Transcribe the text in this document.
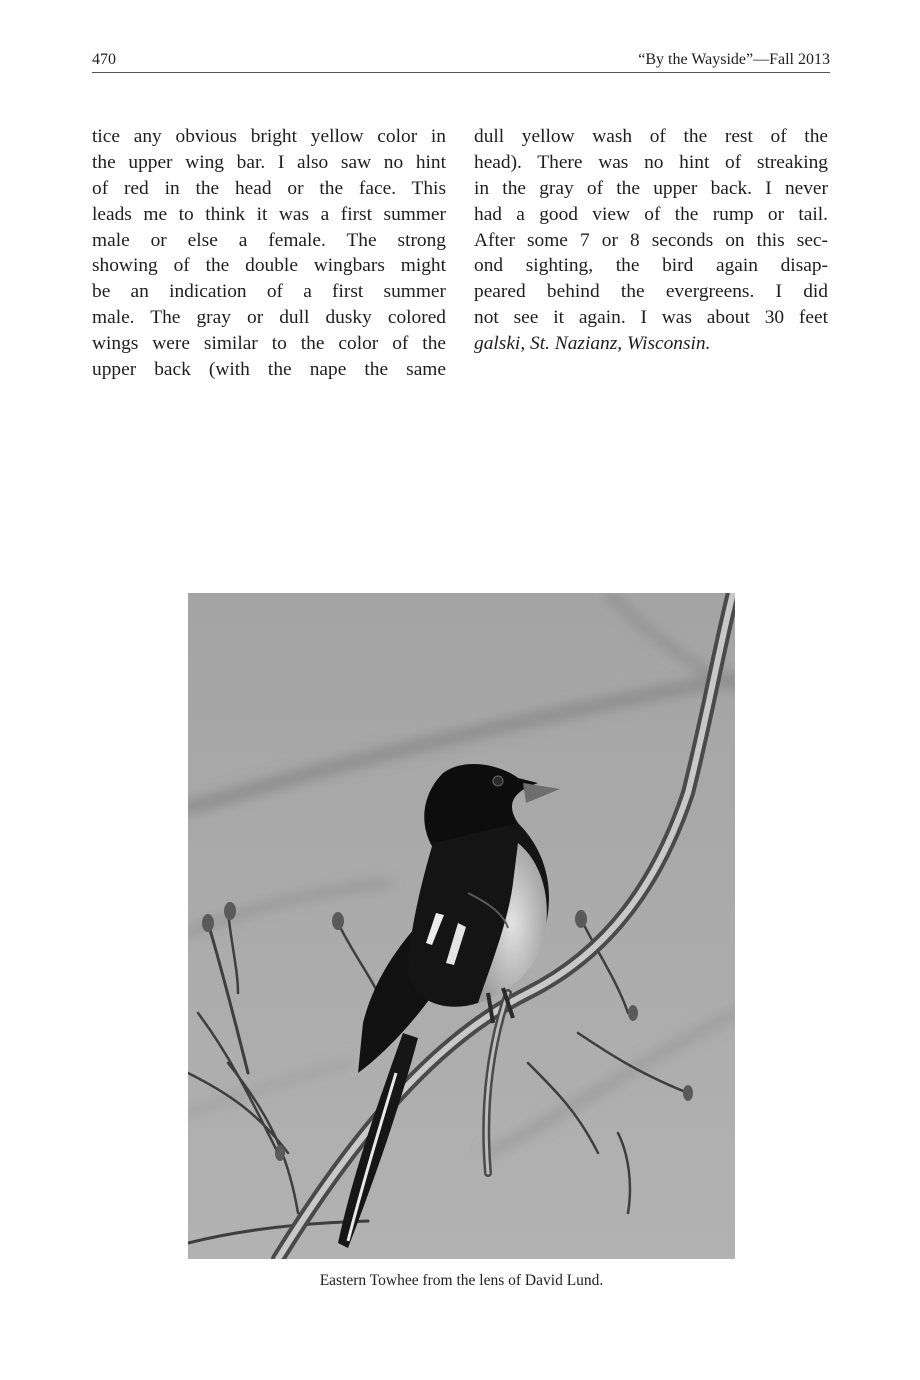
470	“By the Wayside”—Fall 2013
tice any obvious bright yellow color in
the upper wing bar. I also saw no hint
of red in the head or the face. This
leads me to think it was a first summer
male or else a female. The strong
showing of the double wingbars might
be an indication of a first summer
male. The gray or dull dusky colored
wings were similar to the color of the
upper back (with the nape the same
dull yellow wash of the rest of the
head). There was no hint of streaking
in the gray of the upper back. I never
had a good view of the rump or tail.
After some 7 or 8 seconds on this sec-
ond sighting, the bird again disap-
peared behind the evergreens. I did
not see it again. I was about 30 feet
galski, St. Nazianz, Wisconsin.
Eastern Towhee from the lens of David Lund.
